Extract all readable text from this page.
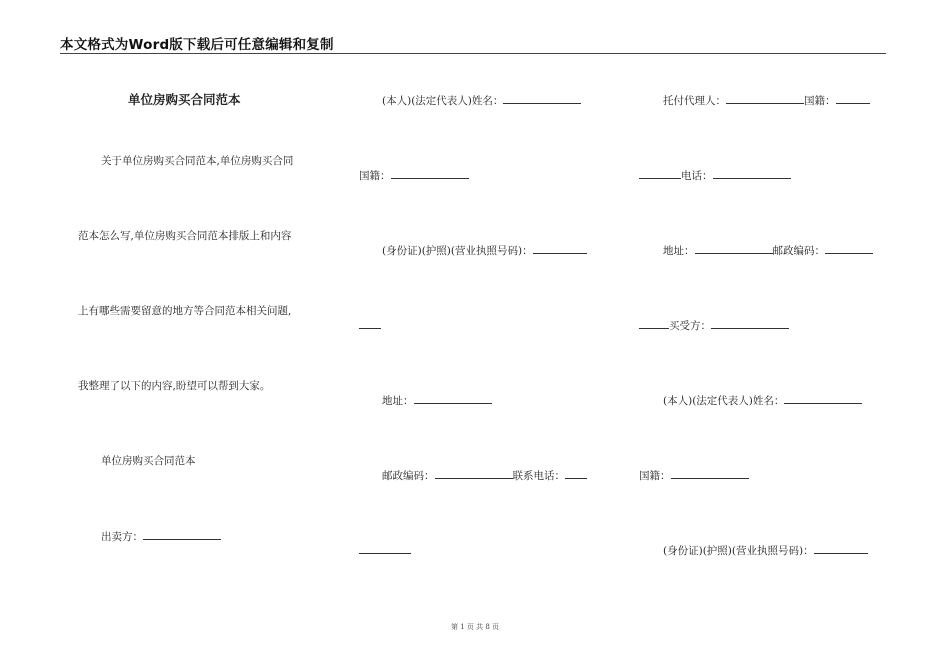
本文格式为Word版下载后可任意编辑和复制
单位房购买合同范本
关于单位房购买合同范本,单位房购买合同
范本怎么写,单位房购买合同范本排版上和内容
上有哪些需要留意的地方等合同范本相关问题,
我整理了以下的内容,盼望可以帮到大家。
单位房购买合同范本
出卖方：
(本人)(法定代表人)姓名：
国籍：
(身份证)(护照)(营业执照号码)：
地址：
邮政编码：	联系电话：
托付代理人：	国籍：
电话：
地址：	邮政编码：
买受方：
(本人)(法定代表人)姓名：
国籍：
(身份证)(护照)(营业执照号码)：
第 1 页 共 8 页
